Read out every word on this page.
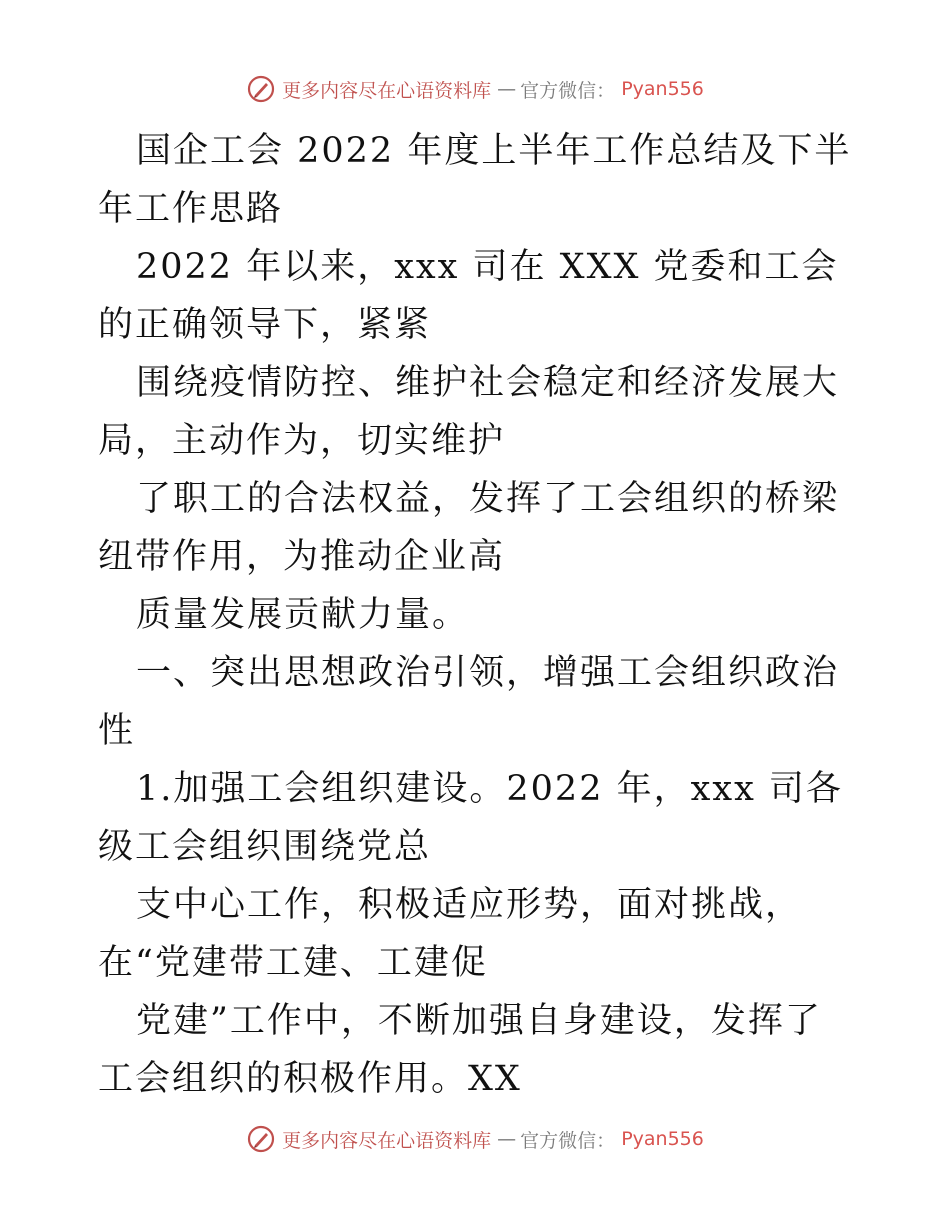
更多内容尽在心语资料库 — 官方微信： Pyan556

国企工会 2022 年度上半年工作总结及下半年工作思路

2022 年以来，xxx 司在 XXX 党委和工会的正确领导下，紧紧

围绕疫情防控、维护社会稳定和经济发展大局，主动作为，切实维护

了职工的合法权益，发挥了工会组织的桥梁纽带作用，为推动企业高

质量发展贡献力量。

一、突出思想政治引领，增强工会组织政治性

1.加强工会组织建设。2022 年，xxx 司各级工会组织围绕党总

支中心工作，积极适应形势，面对挑战，在“党建带工建、工建促

党建”工作中，不断加强自身建设，发挥了工会组织的积极作用。XX

更多内容尽在心语资料库 — 官方微信： Pyan556
